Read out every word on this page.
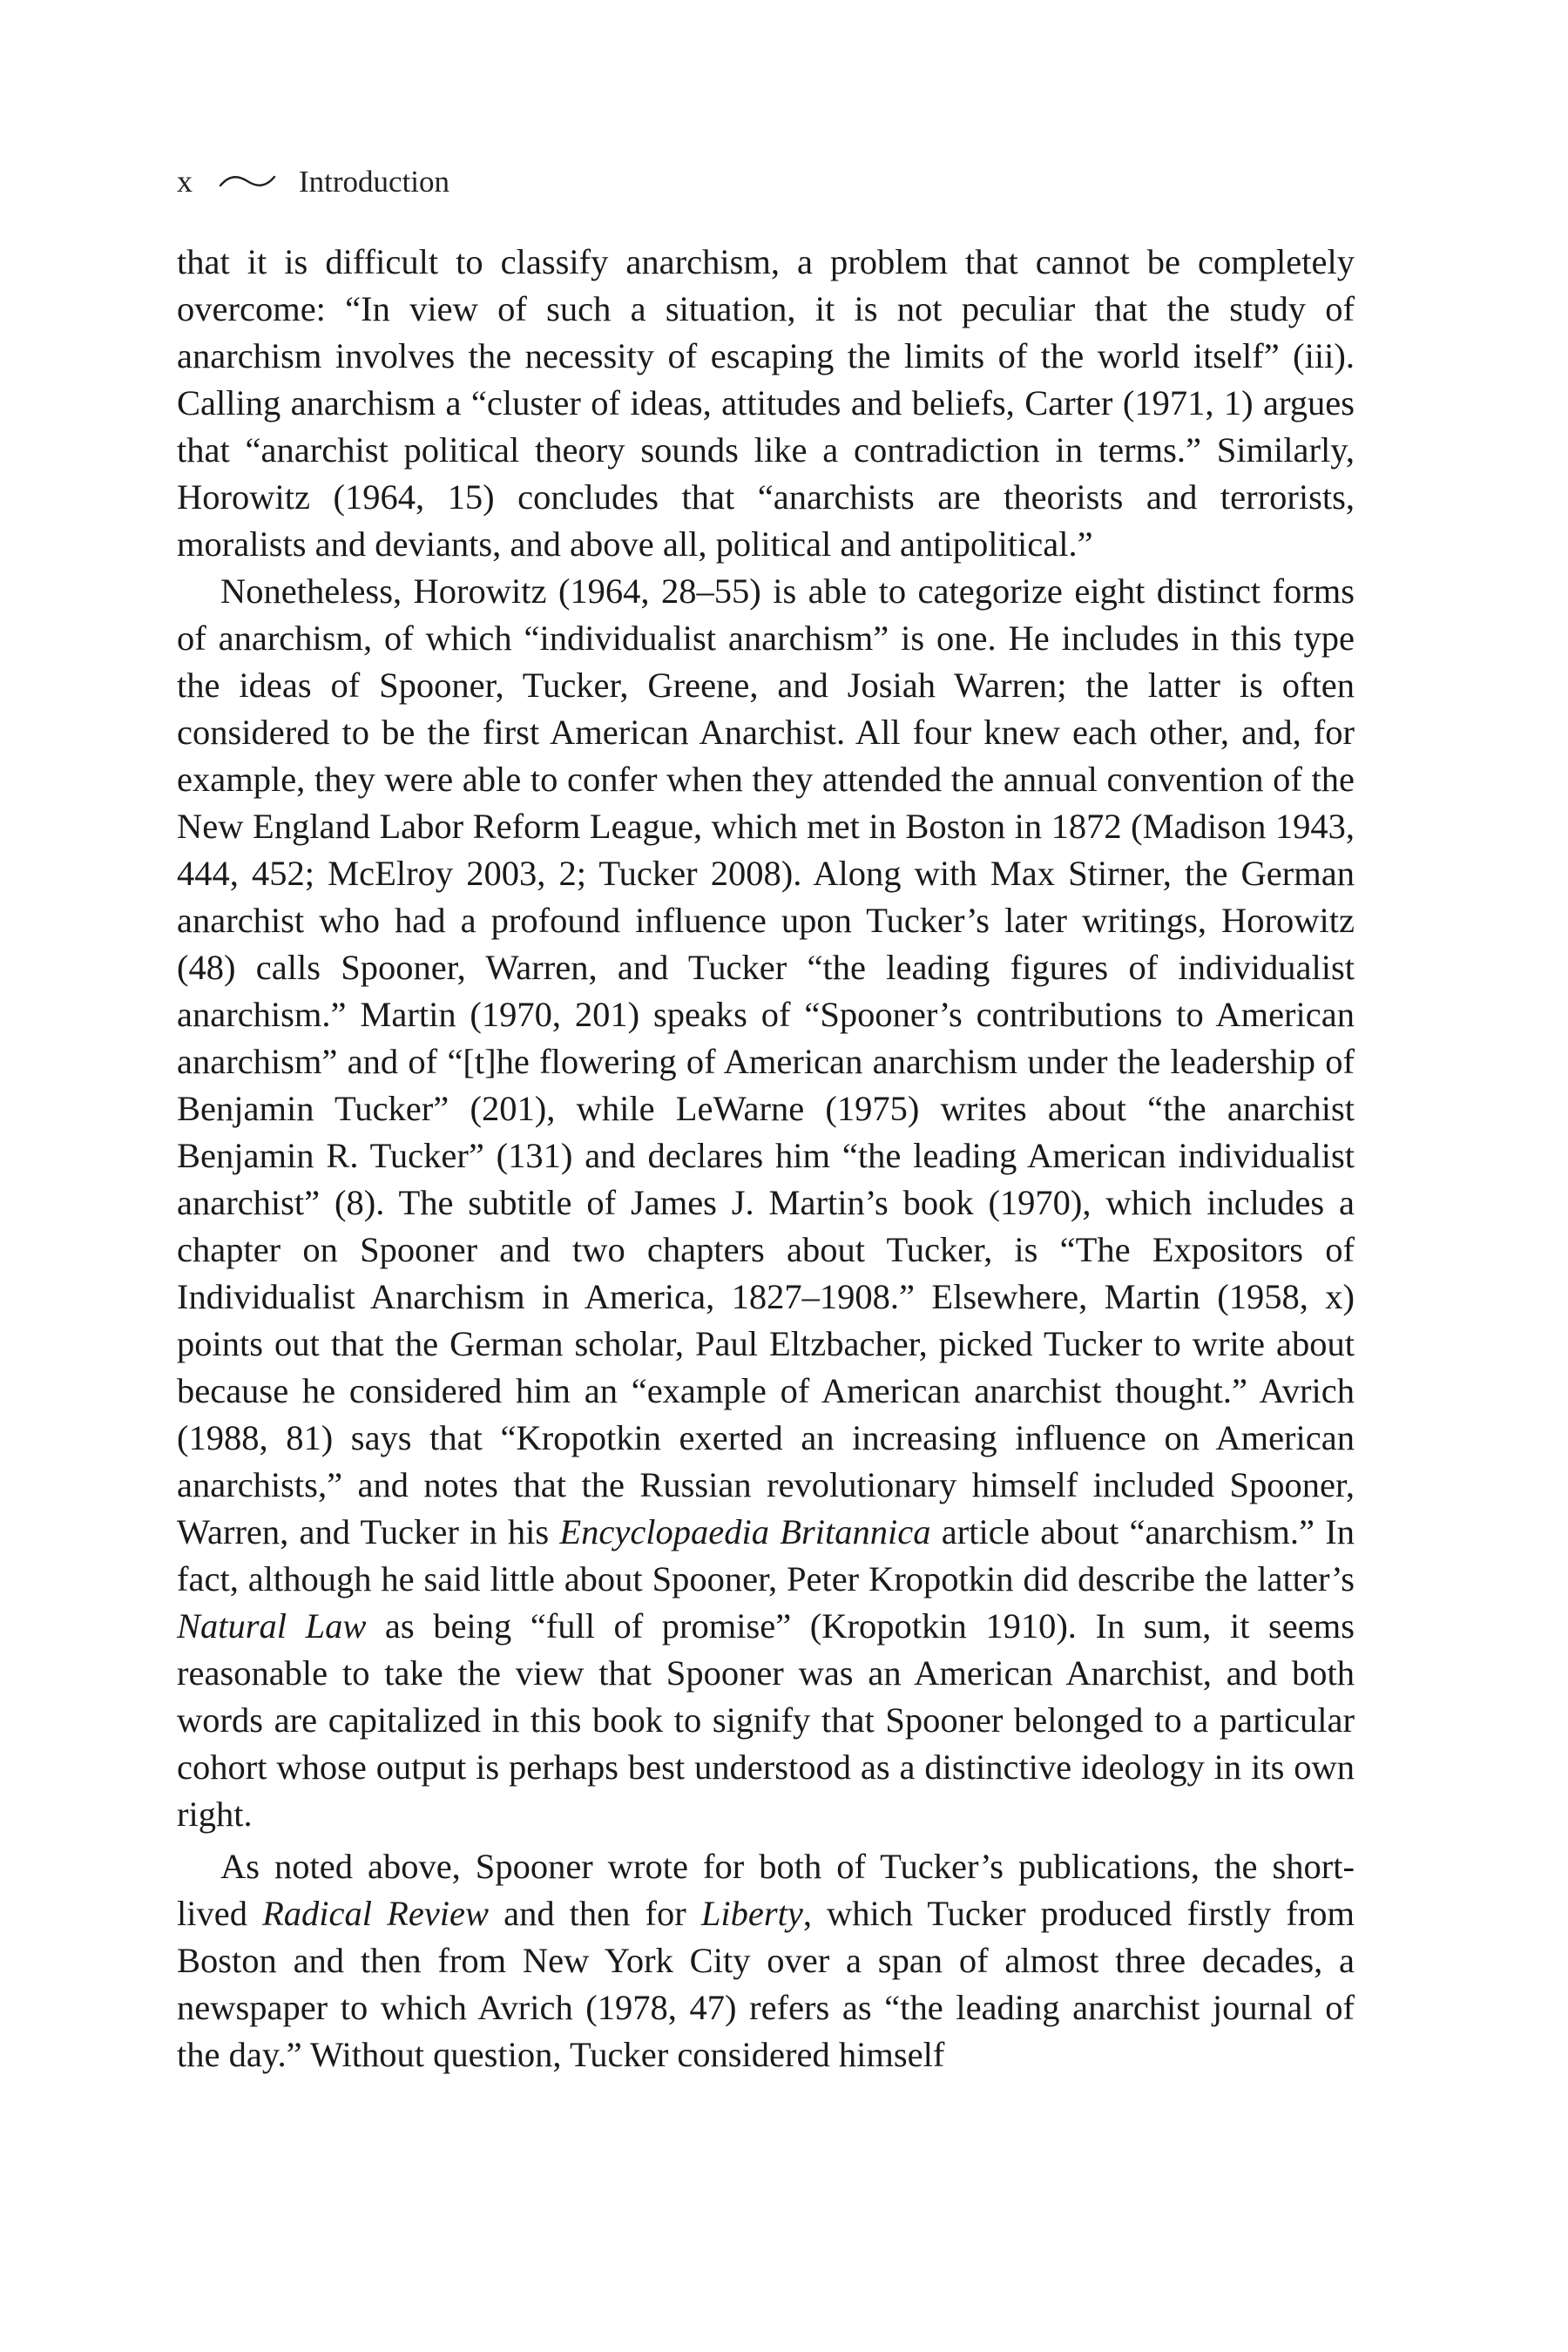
x	Introduction

that it is difficult to classify anarchism, a problem that cannot be completely overcome: “In view of such a situation, it is not peculiar that the study of anarchism involves the necessity of escaping the limits of the world itself” (iii). Calling anarchism a “cluster of ideas, attitudes and beliefs, Carter (1971, 1) argues that “anarchist political theory sounds like a contradiction in terms.” Similarly, Horowitz (1964, 15) concludes that “anarchists are theorists and terrorists, moralists and deviants, and above all, political and antipolitical.”

Nonetheless, Horowitz (1964, 28–55) is able to categorize eight distinct forms of anarchism, of which “individualist anarchism” is one. He includes in this type the ideas of Spooner, Tucker, Greene, and Josiah Warren; the latter is often considered to be the first American Anarchist. All four knew each other, and, for example, they were able to confer when they attended the annual convention of the New England Labor Reform League, which met in Boston in 1872 (Madison 1943, 444, 452; McElroy 2003, 2; Tucker 2008). Along with Max Stirner, the German anarchist who had a profound influence upon Tucker’s later writings, Horowitz (48) calls Spooner, Warren, and Tucker “the leading figures of individualist anarchism.” Martin (1970, 201) speaks of “Spooner’s contributions to American anarchism” and of “[t]he flowering of American anarchism under the leadership of Benjamin Tucker” (201), while LeWarne (1975) writes about “the anarchist Benjamin R. Tucker” (131) and declares him “the leading American individualist anarchist” (8). The subtitle of James J. Martin’s book (1970), which includes a chapter on Spooner and two chapters about Tucker, is “The Expositors of Individualist Anarchism in America, 1827–1908.” Elsewhere, Martin (1958, x) points out that the German scholar, Paul Eltzbacher, picked Tucker to write about because he considered him an “example of American anarchist thought.” Avrich (1988, 81) says that “Kropotkin exerted an increasing influence on American anarchists,” and notes that the Russian revolutionary himself included Spooner, Warren, and Tucker in his Encyclopaedia Britannica article about “anarchism.” In fact, although he said little about Spooner, Peter Kropotkin did describe the latter’s Natural Law as being “full of promise” (Kropotkin 1910). In sum, it seems reasonable to take the view that Spooner was an American Anarchist, and both words are capitalized in this book to signify that Spooner belonged to a particular cohort whose output is perhaps best understood as a distinctive ideology in its own right.

As noted above, Spooner wrote for both of Tucker’s publications, the short-lived Radical Review and then for Liberty, which Tucker produced firstly from Boston and then from New York City over a span of almost three decades, a newspaper to which Avrich (1978, 47) refers as “the leading anarchist journal of the day.” Without question, Tucker considered himself
